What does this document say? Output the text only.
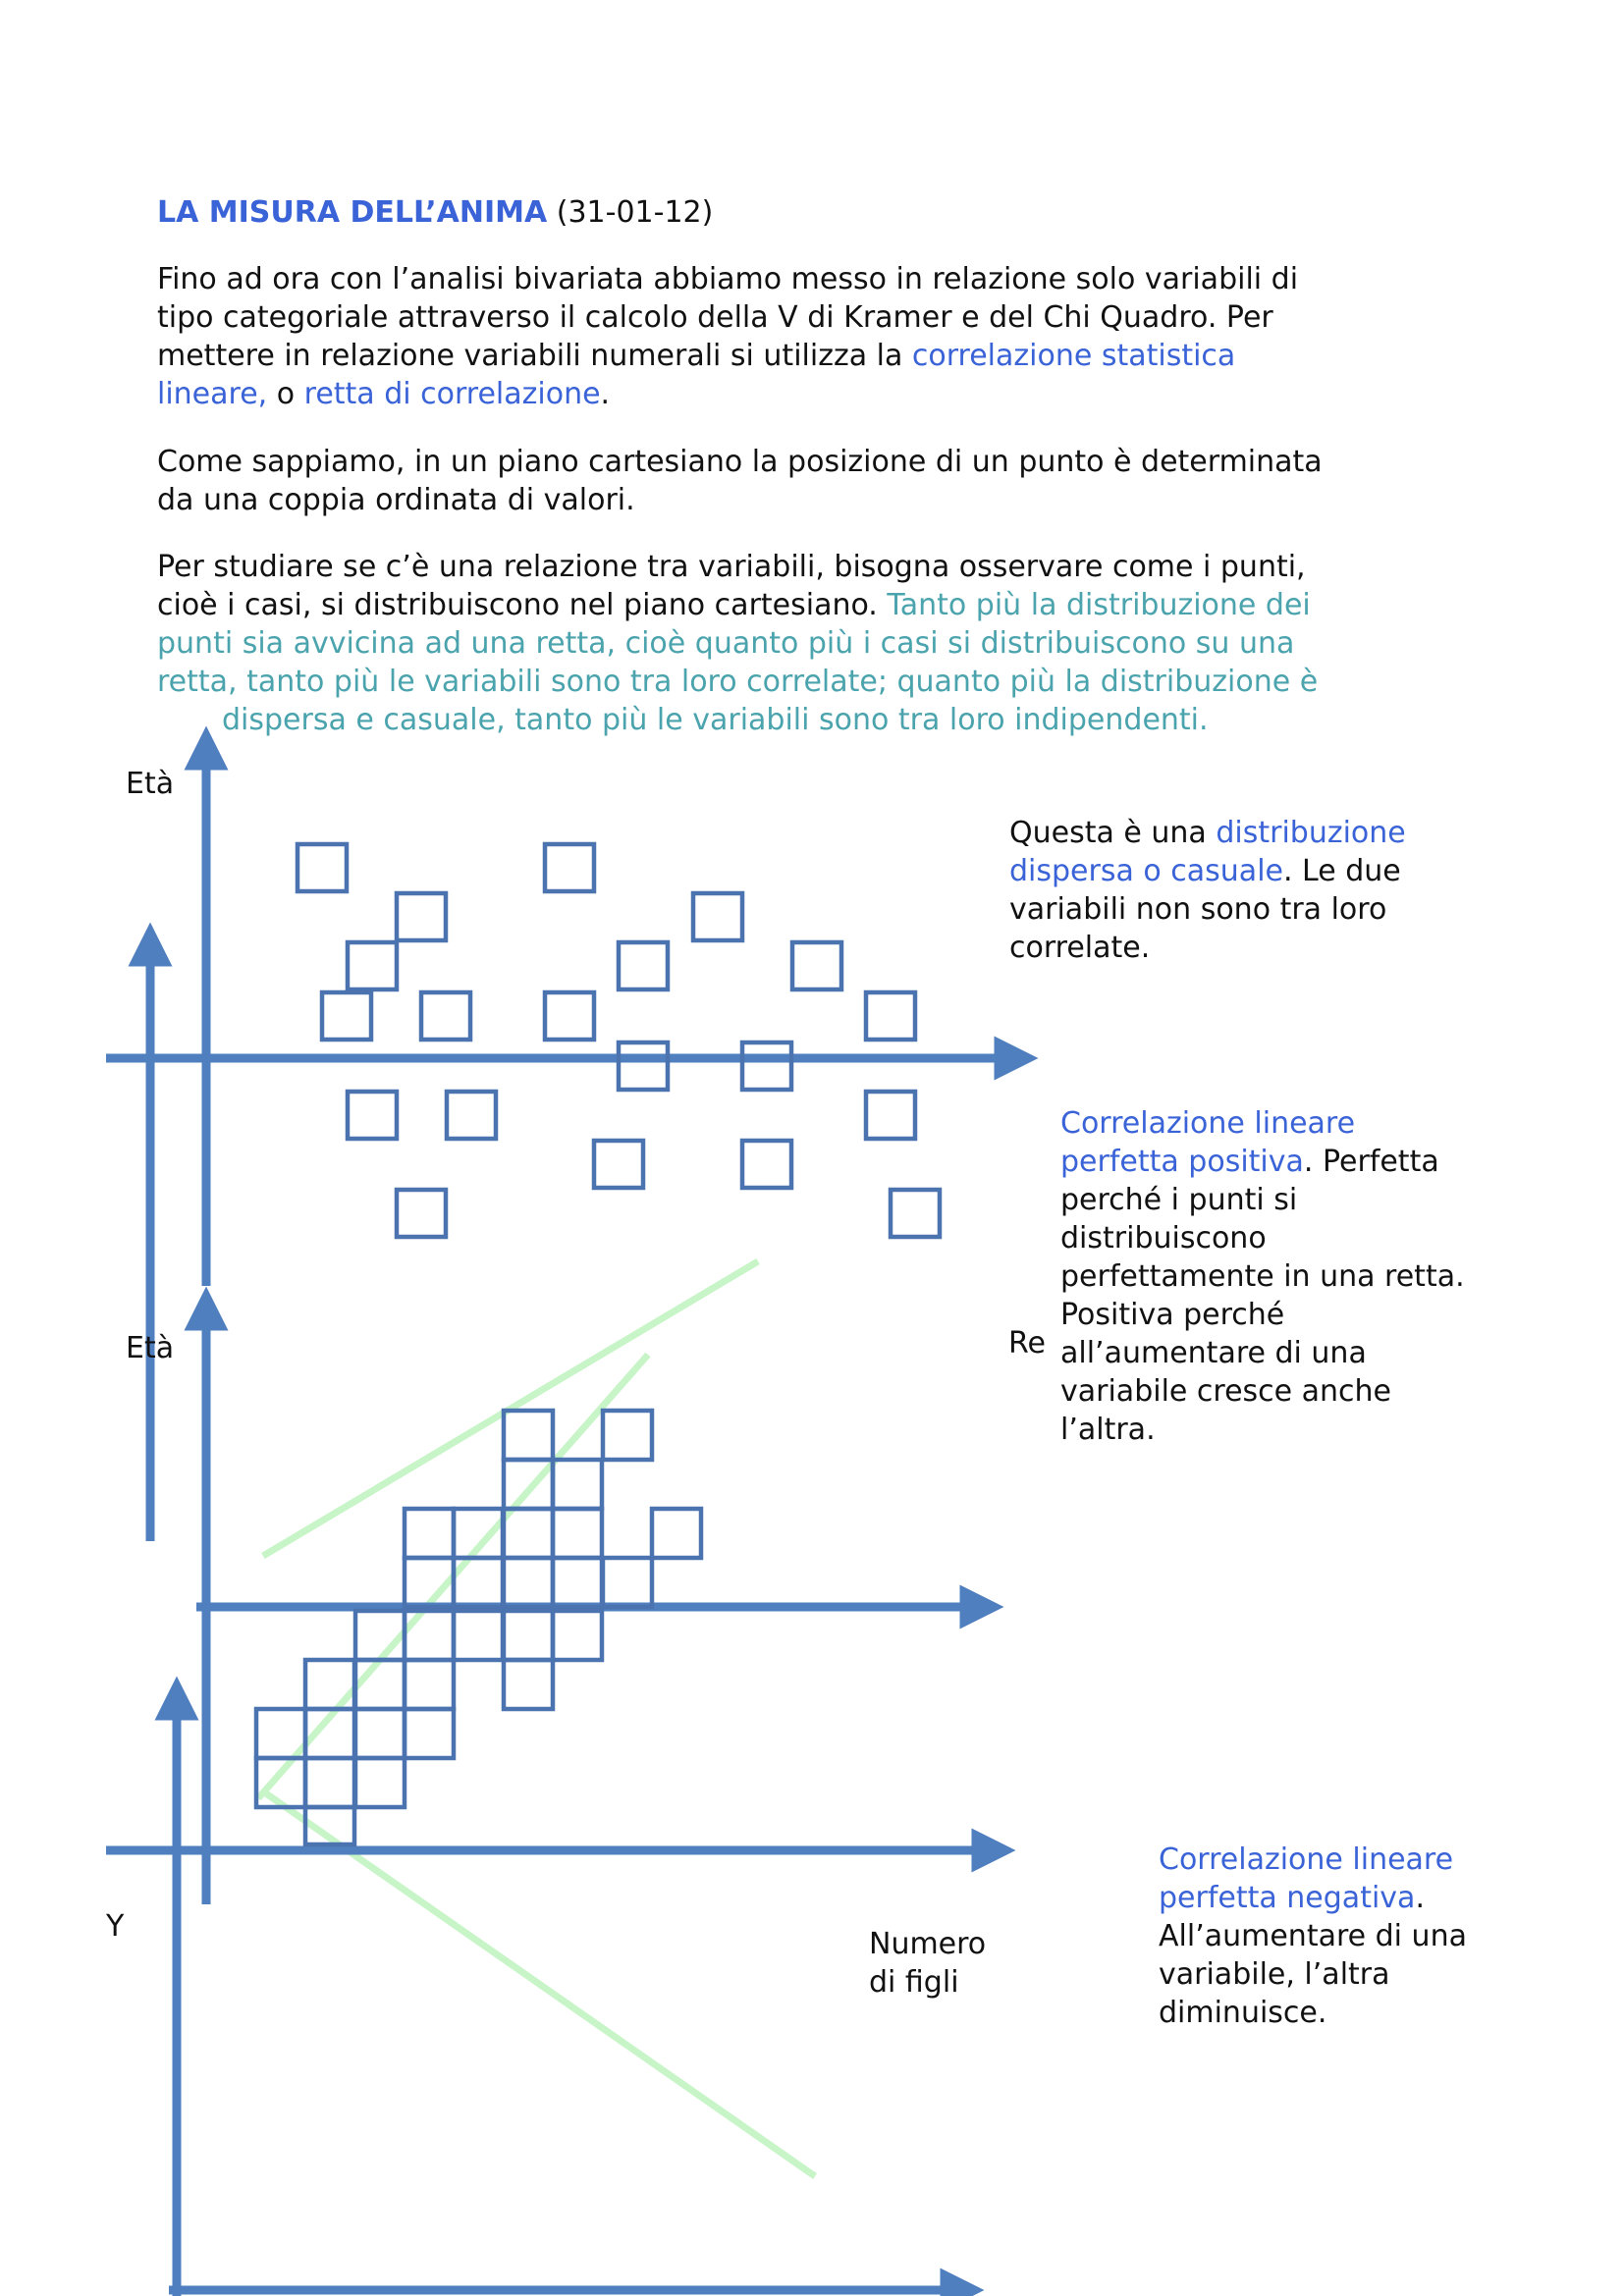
LA MISURA DELL’ANIMA (31-01-12)

Fino ad ora con l’analisi bivariata abbiamo messo in relazione solo variabili di

tipo categoriale attraverso il calcolo della V di Kramer e del Chi Quadro. Per

mettere in relazione variabili numerali si utilizza la correlazione statistica

lineare, o retta di correlazione.

Come sappiamo, in un piano cartesiano la posizione di un punto è determinata

da una coppia ordinata di valori.

Per studiare se c’è una relazione tra variabili, bisogna osservare come i punti,

cioè i casi, si distribuiscono nel piano cartesiano. Tanto più la distribuzione dei

punti sia avvicina ad una retta, cioè quanto più i casi si distribuiscono su una

retta, tanto più le variabili sono tra loro correlate; quanto più la distribuzione è

dispersa e casuale, tanto più le variabili sono tra loro indipendenti.

Età

Età

Y

Re

Numero

di figli

Questa è una distribuzione

dispersa o casuale. Le due

variabili non sono tra loro

correlate.

Correlazione lineare

perfetta positiva. Perfetta

perché i punti si

distribuiscono

perfettamente in una retta.

Positiva perché

all’aumentare di una

variabile cresce anche

l’altra.

Correlazione lineare

perfetta negativa.

All’aumentare di una

variabile, l’altra

diminuisce.
